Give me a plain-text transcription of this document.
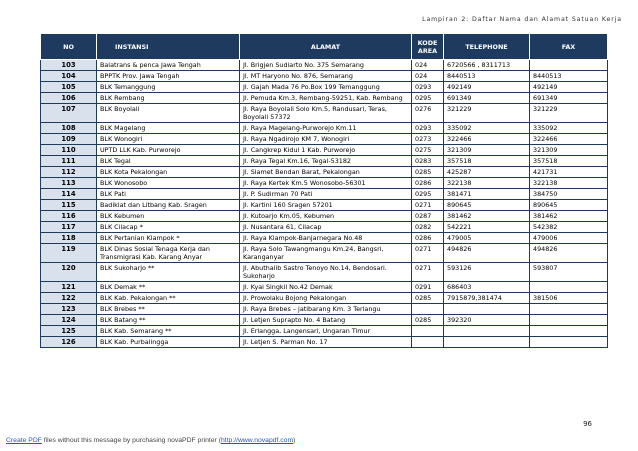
Lampiran 2: Daftar Nama dan Alamat Satuan Kerja
NO	INSTANSI	ALAMAT	KODE AREA	TELEPHONE	FAX
103	Balatrans & penca Jawa Tengah	Jl. Brigjen Sudiarto No. 375 Semarang	024	6720566 , 8311713	
104	BPPTK Prov. Jawa Tengah	Jl. MT Haryono No. 876, Semarang	024	8440513	8440513
105	BLK Temanggung	Jl. Gajah Mada 76 Po.Box 199 Temanggung	0293	492149	492149
106	BLK Rembang	Jl. Pemuda Km.3, Rembang-59251, Kab. Rembang	0295	691349	691349
107	BLK Boyolali	Jl. Raya Boyolali Solo Km.5, Randusari, Teras, Boyolali 57372	0276	321229	321229
108	BLK Magelang	Jl. Raya Magelang-Purworejo Km.11	0293	335092	335092
109	BLK Wonogiri	Jl. Raya Ngadirojo KM 7, Wonogiri	0273	322466	322466
110	UPTD LLK Kab. Purworejo	Jl. Cangkrep Kidul 1 Kab. Purworejo	0275	321309	321309
111	BLK Tegal	Jl. Raya Tegal Km.16, Tegal-53182	0283	357518	357518
112	BLK Kota Pekalongan	Jl. Slamet Bendan Barat, Pekalongan	0285	425287	421731
113	BLK Wonosobo	Jl. Raya Kertek Km.5 Wonosobo-56301	0286	322138	322138
114	BLK Pati	Jl. P. Sudirman 70 Pati	0295	381471	384750
115	Badiklat dan Litbang Kab. Sragen	Jl. Kartini 160 Sragen 57201	0271	890645	890645
116	BLK Kebumen	Jl. Kutoarjo Km.05, Kebumen	0287	381462	381462
117	BLK Cilacap *	Jl. Nusantara 61, Cilacap	0282	542221	542382
118	BLK Pertanian Klampok *	Jl. Raya Klampok-Banjarnegara No.48	0286	479005	479006
119	BLK Dinas Sosial Tenaga Kerja dan Transmigrasi Kab. Karang Anyar	Jl. Raya Solo Tawangmangu Km.24, Bangsri, Karanganyar	0271	494826	494826
120	BLK Sukoharjo **	Jl. Abuthalib Sastro Tenoyo No.14, Bendosari. Sukoharjo	0271	593126	593807
121	BLK Demak **	Jl. Kyai Singkil No.42 Demak	0291	686403	
122	BLK Kab. Pekalongan **	Jl. Prowolaku Bojong Pekalongan	0285	7915879,381474	381506
123	BLK Brebes **	Jl. Raya Brebes – jatibarang Km. 3 Terlangu			
124	BLK Batang **	Jl. Letjen Suprapto No. 4 Batang	0285	392320	
125	BLK Kab. Semarang **	Jl. Erlangga, Langensari, Ungaran Timur			
126	BLK Kab. Purbalingga	Jl. Letjen S. Parman No. 17			
96
Create PDF files without this message by purchasing novaPDF printer (http://www.novapdf.com)
